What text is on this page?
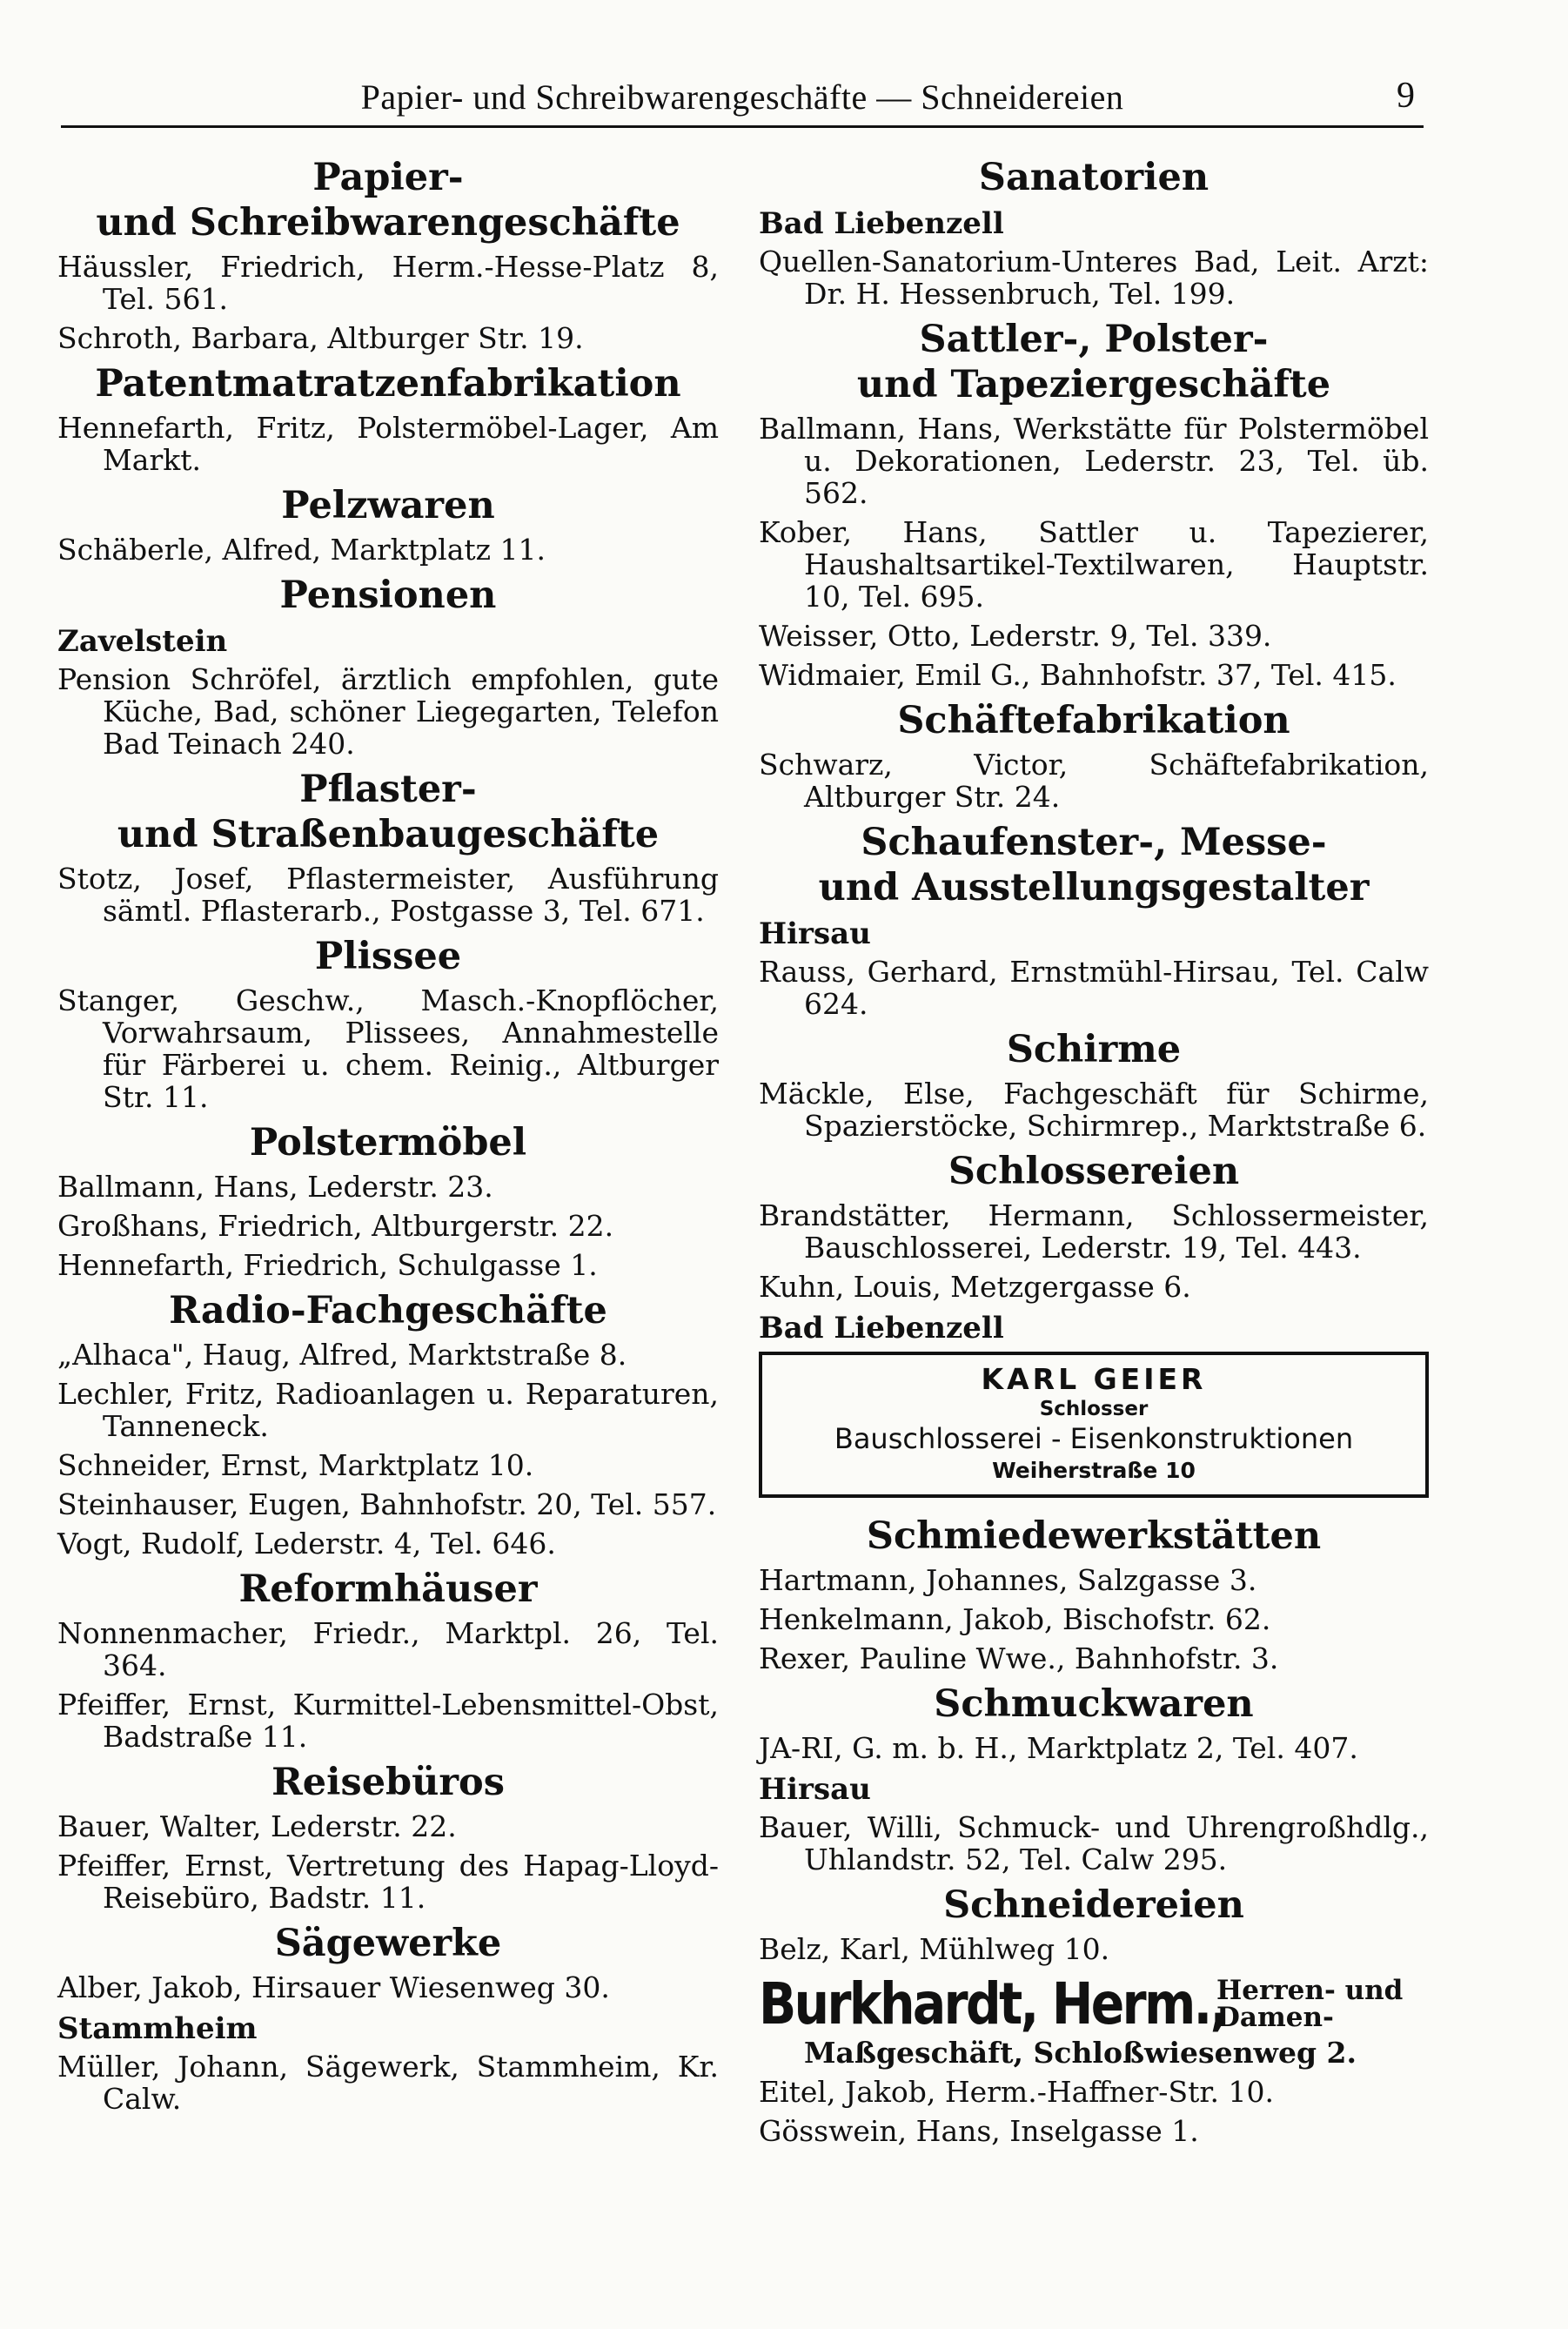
Papier- und Schreibwarengeschäfte — Schneidereien	9
Papier-
und Schreibwarengeschäfte
Häussler, Friedrich, Herm.-Hesse-Platz 8, Tel. 561.
Schroth, Barbara, Altburger Str. 19.
Patentmatratzenfabrikation
Hennefarth, Fritz, Polstermöbel-Lager, Am Markt.
Pelzwaren
Schäberle, Alfred, Marktplatz 11.
Pensionen
Zavelstein
Pension Schröfel, ärztlich empfohlen, gute Küche, Bad, schöner Liegegarten, Telefon Bad Teinach 240.
Pflaster-
und Straßenbaugeschäfte
Stotz, Josef, Pflastermeister, Ausführung sämtl. Pflasterarb., Postgasse 3, Tel. 671.
Plissee
Stanger, Geschw., Masch.-Knopflöcher, Vorwahrsaum, Plissees, Annahmestelle für Färberei u. chem. Reinig., Altburger Str. 11.
Polstermöbel
Ballmann, Hans, Lederstr. 23.
Großhans, Friedrich, Altburgerstr. 22.
Hennefarth, Friedrich, Schulgasse 1.
Radio-Fachgeschäfte
„Alhaca", Haug, Alfred, Marktstraße 8.
Lechler, Fritz, Radioanlagen u. Reparaturen, Tanneneck.
Schneider, Ernst, Marktplatz 10.
Steinhauser, Eugen, Bahnhofstr. 20, Tel. 557.
Vogt, Rudolf, Lederstr. 4, Tel. 646.
Reformhäuser
Nonnenmacher, Friedr., Marktpl. 26, Tel. 364.
Pfeiffer, Ernst, Kurmittel-Lebensmittel-Obst, Badstraße 11.
Reisebüros
Bauer, Walter, Lederstr. 22.
Pfeiffer, Ernst, Vertretung des Hapag-Lloyd-Reisebüro, Badstr. 11.
Sägewerke
Alber, Jakob, Hirsauer Wiesenweg 30.
Stammheim
Müller, Johann, Sägewerk, Stammheim, Kr. Calw.
Sanatorien
Bad Liebenzell
Quellen-Sanatorium-Unteres Bad, Leit. Arzt: Dr. H. Hessenbruch, Tel. 199.
Sattler-, Polster-
und Tapeziergeschäfte
Ballmann, Hans, Werkstätte für Polstermöbel u. Dekorationen, Lederstr. 23, Tel. üb. 562.
Kober, Hans, Sattler u. Tapezierer, Haushaltsartikel-Textilwaren, Hauptstr. 10, Tel. 695.
Weisser, Otto, Lederstr. 9, Tel. 339.
Widmaier, Emil G., Bahnhofstr. 37, Tel. 415.
Schäftefabrikation
Schwarz, Victor, Schäftefabrikation, Altburger Str. 24.
Schaufenster-, Messe-
und Ausstellungsgestalter
Hirsau
Rauss, Gerhard, Ernstmühl-Hirsau, Tel. Calw 624.
Schirme
Mäckle, Else, Fachgeschäft für Schirme, Spazierstöcke, Schirmrep., Marktstraße 6.
Schlossereien
Brandstätter, Hermann, Schlossermeister, Bauschlosserei, Lederstr. 19, Tel. 443.
Kuhn, Louis, Metzgergasse 6.
Bad Liebenzell
KARL GEIER
Schlosser
Bauschlosserei - Eisenkonstruktionen
Weiherstraße 10
Schmiedewerkstätten
Hartmann, Johannes, Salzgasse 3.
Henkelmann, Jakob, Bischofstr. 62.
Rexer, Pauline Wwe., Bahnhofstr. 3.
Schmuckwaren
JA-RI, G. m. b. H., Marktplatz 2, Tel. 407.
Hirsau
Bauer, Willi, Schmuck- und Uhrengroßhdlg., Uhlandstr. 52, Tel. Calw 295.
Schneidereien
Belz, Karl, Mühlweg 10.
Burkhardt, Herm.,
Herren- und
Damen-
Maßgeschäft, Schloßwiesenweg 2.
Eitel, Jakob, Herm.-Haffner-Str. 10.
Gösswein, Hans, Inselgasse 1.
